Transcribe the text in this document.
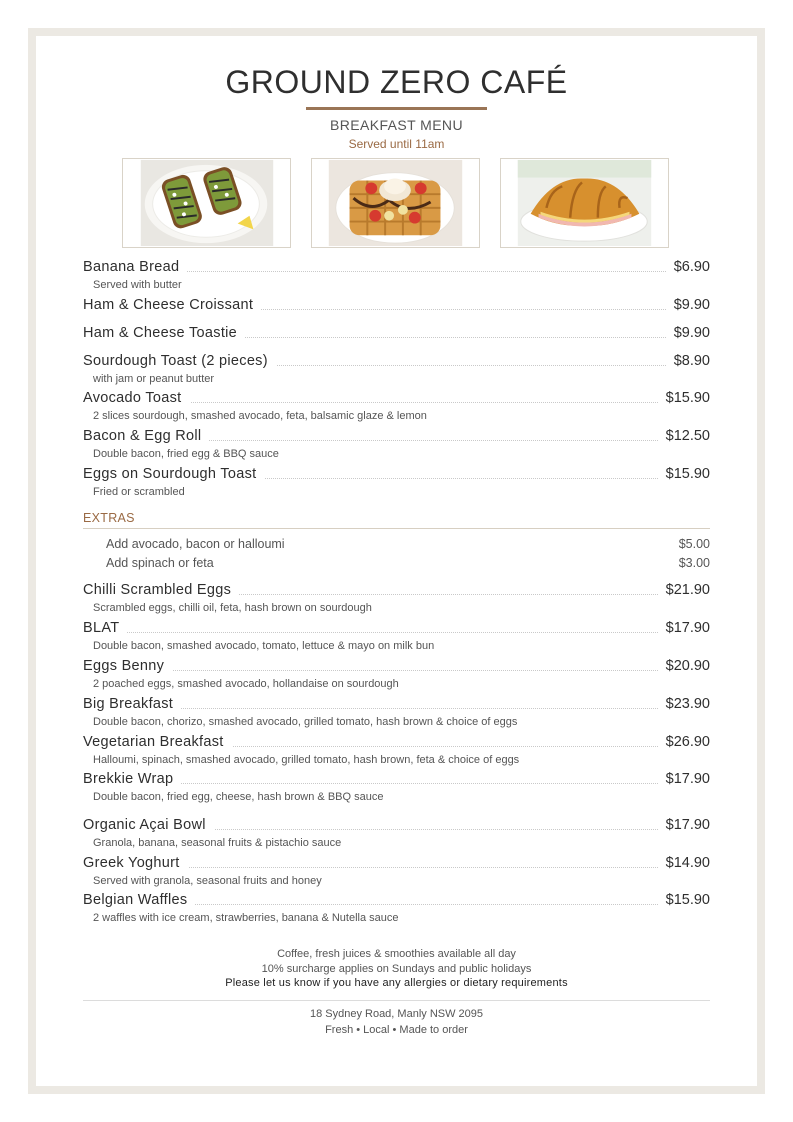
GROUND ZERO CAFÉ
BREAKFAST MENU
Served until 11am
Banana Bread	$6.90
Served with butter
Ham & Cheese Croissant	$9.90
Ham & Cheese Toastie	$9.90
Sourdough Toast (2 pieces)	$8.90
with jam or peanut butter
Avocado Toast	$15.90
2 slices sourdough, smashed avocado, feta, balsamic glaze & lemon
Bacon & Egg Roll	$12.50
Double bacon, fried egg & BBQ sauce
Eggs on Sourdough Toast	$15.90
Fried or scrambled
EXTRAS
Add avocado, bacon or halloumi	$5.00
Add spinach or feta	$3.00
Chilli Scrambled Eggs	$21.90
Scrambled eggs, chilli oil, feta, hash brown on sourdough
BLAT	$17.90
Double bacon, smashed avocado, tomato, lettuce & mayo on milk bun
Eggs Benny	$20.90
2 poached eggs, smashed avocado, hollandaise on sourdough
Big Breakfast	$23.90
Double bacon, chorizo, smashed avocado, grilled tomato, hash brown & choice of eggs
Vegetarian Breakfast	$26.90
Halloumi, spinach, smashed avocado, grilled tomato, hash brown, feta & choice of eggs
Brekkie Wrap	$17.90
Double bacon, fried egg, cheese, hash brown & BBQ sauce
Organic Açai Bowl	$17.90
Granola, banana, seasonal fruits & pistachio sauce
Greek Yoghurt	$14.90
Served with granola, seasonal fruits and honey
Belgian Waffles	$15.90
2 waffles with ice cream, strawberries, banana & Nutella sauce
Coffee, fresh juices & smoothies available all day
10% surcharge applies on Sundays and public holidays
Please let us know if you have any allergies or dietary requirements
18 Sydney Road, Manly NSW 2095
Fresh • Local • Made to order
